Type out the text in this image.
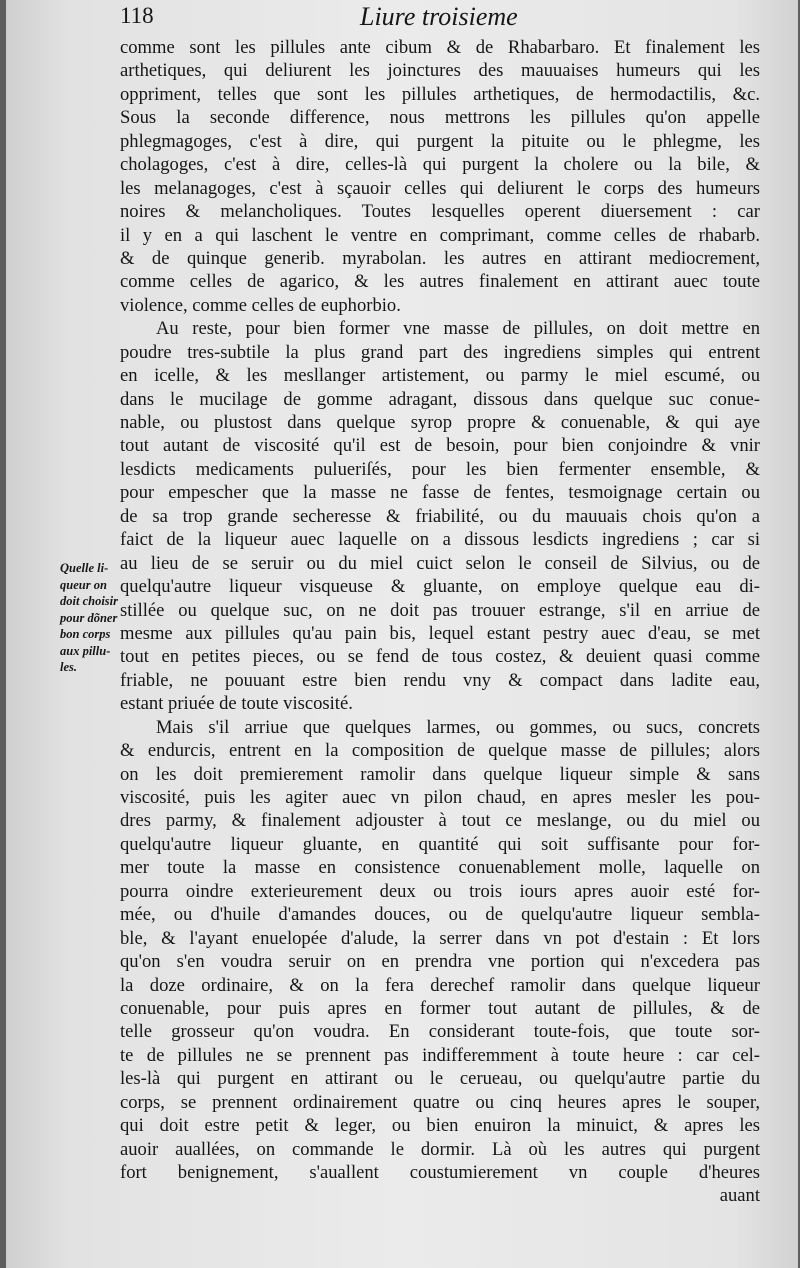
118	Liure troisieme
Quelle li-
queur on
doit choisir
pour dõner
bon corps
aux pillu-
les.
comme sont les pillules ante cibum & de Rhabarbaro. Et finalement les
arthetiques, qui deliurent les joinctures des mauuaises humeurs qui les
oppriment, telles que sont les pillules arthetiques, de hermodactilis, &c.
Sous la seconde difference, nous mettrons les pillules qu'on appelle
phlegmagoges, c'est à dire, qui purgent la pituite ou le phlegme, les
cholagoges, c'est à dire, celles-là qui purgent la cholere ou la bile, &
les melanagoges, c'est à sçauoir celles qui deliurent le corps des humeurs
noires & melancholiques. Toutes lesquelles operent diuersement : car
il y en a qui laschent le ventre en comprimant, comme celles de rhabarb.
& de quinque generib. myrabolan. les autres en attirant mediocrement,
comme celles de agarico, & les autres finalement en attirant auec toute
violence, comme celles de euphorbio.
Au reste, pour bien former vne masse de pillules, on doit mettre en
poudre tres-subtile la plus grand part des ingrediens simples qui entrent
en icelle, & les mesllanger artistement, ou parmy le miel escumé, ou
dans le mucilage de gomme adragant, dissous dans quelque suc conue-
nable, ou plustost dans quelque syrop propre & conuenable, & qui aye
tout autant de viscosité qu'il est de besoin, pour bien conjoindre & vnir
lesdicts medicaments pulueriſés, pour les bien fermenter ensemble, &
pour empescher que la masse ne fasse de fentes, tesmoignage certain ou
de sa trop grande secheresse & friabilité, ou du mauuais chois qu'on a
faict de la liqueur auec laquelle on a dissous lesdicts ingrediens ; car si
au lieu de se seruir ou du miel cuict selon le conseil de Silvius, ou de
quelqu'autre liqueur visqueuse & gluante, on employe quelque eau di-
stillée ou quelque suc, on ne doit pas trouuer estrange, s'il en arriue de
mesme aux pillules qu'au pain bis, lequel estant pestry auec d'eau, se met
tout en petites pieces, ou se fend de tous costez, & deuient quasi comme
friable, ne pouuant estre bien rendu vny & compact dans ladite eau,
estant priuée de toute viscosité.
Mais s'il arriue que quelques larmes, ou gommes, ou sucs, concrets
& endurcis, entrent en la composition de quelque masse de pillules; alors
on les doit premierement ramolir dans quelque liqueur simple & sans
viscosité, puis les agiter auec vn pilon chaud, en apres mesler les pou-
dres parmy, & finalement adjouster à tout ce meslange, ou du miel ou
quelqu'autre liqueur gluante, en quantité qui soit suffisante pour for-
mer toute la masse en consistence conuenablement molle, laquelle on
pourra oindre exterieurement deux ou trois iours apres auoir esté for-
mée, ou d'huile d'amandes douces, ou de quelqu'autre liqueur sembla-
ble, & l'ayant enuelopée d'alude, la serrer dans vn pot d'estain : Et lors
qu'on s'en voudra seruir on en prendra vne portion qui n'excedera pas
la doze ordinaire, & on la fera derechef ramolir dans quelque liqueur
conuenable, pour puis apres en former tout autant de pillules, & de
telle grosseur qu'on voudra. En considerant toute-fois, que toute sor-
te de pillules ne se prennent pas indifferemment à toute heure : car cel-
les-là qui purgent en attirant ou le cerueau, ou quelqu'autre partie du
corps, se prennent ordinairement quatre ou cinq heures apres le souper,
qui doit estre petit & leger, ou bien enuiron la minuict, & apres les
auoir auallées, on commande le dormir. Là où les autres qui purgent
fort benignement, s'auallent coustumierement vn couple d'heures
auant
